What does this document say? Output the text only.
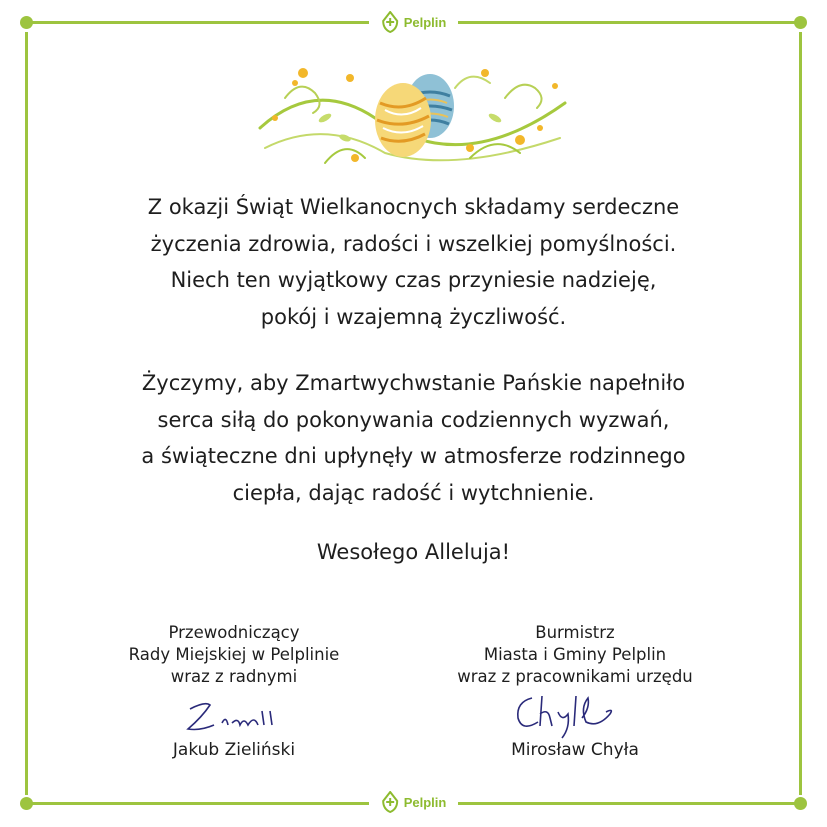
Pelplin
Pelplin

Z okazji Świąt Wielkanocnych składamy serdeczne
życzenia zdrowia, radości i wszelkiej pomyślności.
Niech ten wyjątkowy czas przyniesie nadzieję,
pokój i wzajemną życzliwość.

Życzymy, aby Zmartwychwstanie Pańskie napełniło
serca siłą do pokonywania codziennych wyzwań,
a świąteczne dni upłynęły w atmosferze rodzinnego
ciepła, dając radość i wytchnienie.

Wesołego Alleluja!

Przewodniczący
Rady Miejskiej w Pelplinie
wraz z radnymi
Jakub Zieliński
Burmistrz
Miasta i Gminy Pelplin
wraz z pracownikami urzędu
Mirosław Chyła
